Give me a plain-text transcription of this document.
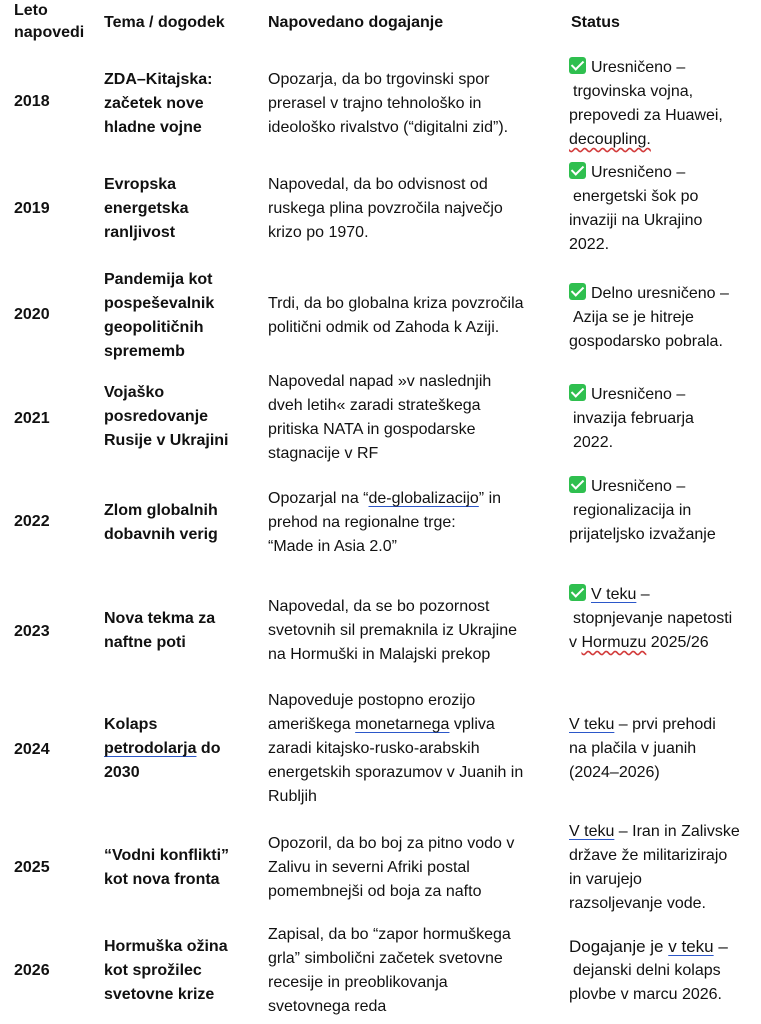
Leto
napovedi
Tema / dogodek	Napovedano dogajanje	Status
2018
ZDA–Kitajska:
začetek nove
hladne vojne
Opozarja, da bo trgovinski spor
prerasel v trajno tehnološko in
ideološko rivalstvo (“digitalni zid”).
Uresničeno –
trgovinska vojna,
prepovedi za Huawei,
decoupling.
2019
Evropska
energetska
ranljivost
Napovedal, da bo odvisnost od
ruskega plina povzročila največjo
krizo po 1970.
Uresničeno –
energetski šok po
invaziji na Ukrajino
2022.
2020
Pandemija kot
pospeševalnik
geopolitičnih
sprememb
Trdi, da bo globalna kriza povzročila
politični odmik od Zahoda k Aziji.
Delno uresničeno –
Azija se je hitreje
gospodarsko pobrala.
2021
Vojaško
posredovanje
Rusije v Ukrajini
Napovedal napad »v naslednjih
dveh letih« zaradi strateškega
pritiska NATA in gospodarske
stagnacije v RF
Uresničeno –
invazija februarja
2022.
2022
Zlom globalnih
dobavnih verig
Opozarjal na “de-globalizacijo” in
prehod na regionalne trge:
“Made in Asia 2.0”
Uresničeno –
regionalizacija in
prijateljsko izvažanje
2023
Nova tekma za
naftne poti
Napovedal, da se bo pozornost
svetovnih sil premaknila iz Ukrajine
na Hormuški in Malajski prekop
V teku –
stopnjevanje napetosti
v Hormuzu 2025/26
2024
Kolaps
petrodolarja do
2030
Napoveduje postopno erozijo
ameriškega monetarnega vpliva
zaradi kitajsko-rusko-arabskih
energetskih sporazumov v Juanih in
Rubljih
V teku – prvi prehodi
na plačila v juanih
(2024–2026)
2025
“Vodni konflikti”
kot nova fronta
Opozoril, da bo boj za pitno vodo v
Zalivu in severni Afriki postal
pomembnejši od boja za nafto
V teku – Iran in Zalivske
države že militarizirajo
in varujejo
razsoljevanje vode.
2026
Hormuška ožina
kot sprožilec
svetovne krize
Zapisal, da bo “zapor hormuškega
grla” simbolični začetek svetovne
recesije in preoblikovanja
svetovnega reda
Dogajanje je v teku –
dejanski delni kolaps
plovbe v marcu 2026.
